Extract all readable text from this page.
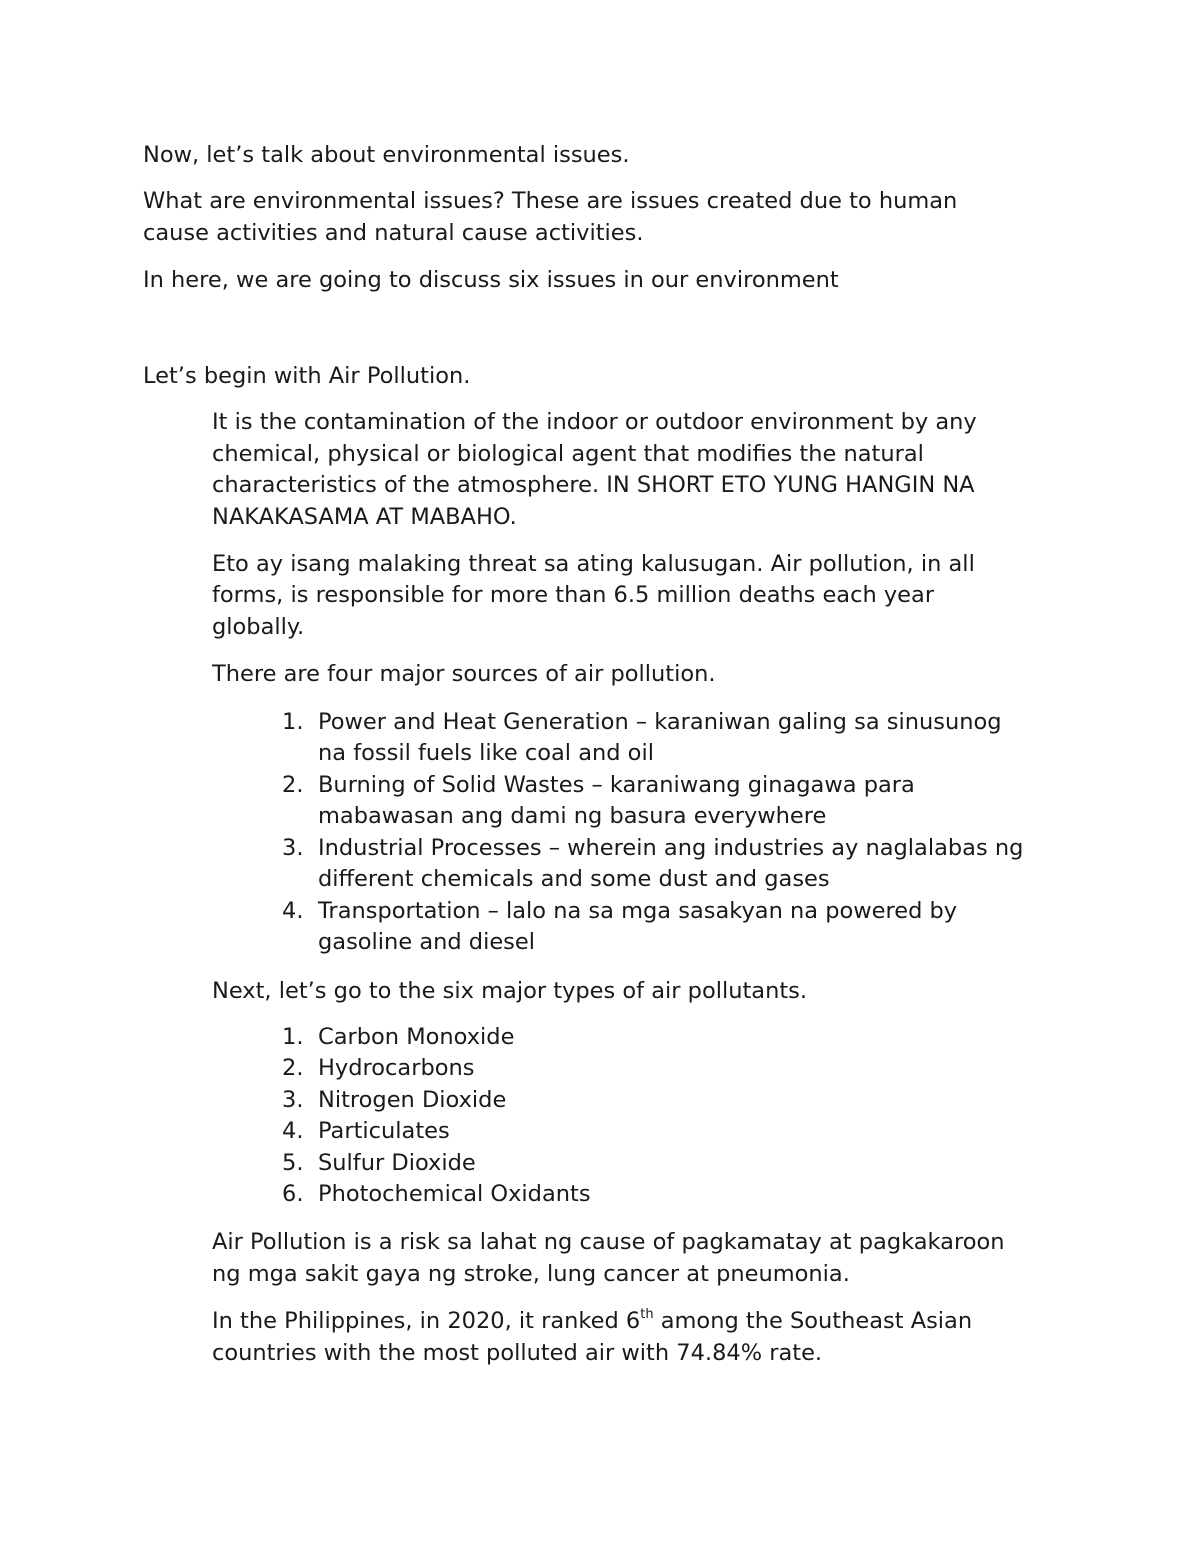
Now, let’s talk about environmental issues.

What are environmental issues? These are issues created due to human

cause activities and natural cause activities.

In here, we are going to discuss six issues in our environment

Let’s begin with Air Pollution.

It is the contamination of the indoor or outdoor environment by any

chemical, physical or biological agent that modifies the natural

characteristics of the atmosphere. IN SHORT ETO YUNG HANGIN NA

NAKAKASAMA AT MABAHO.

Eto ay isang malaking threat sa ating kalusugan. Air pollution, in all

forms, is responsible for more than 6.5 million deaths each year

globally.

There are four major sources of air pollution.

1. Power and Heat Generation – karaniwan galing sa sinusunog
na fossil fuels like coal and oil
2. Burning of Solid Wastes – karaniwang ginagawa para
mabawasan ang dami ng basura everywhere
3. Industrial Processes – wherein ang industries ay naglalabas ng
different chemicals and some dust and gases
4. Transportation – lalo na sa mga sasakyan na powered by
gasoline and diesel

Next, let’s go to the six major types of air pollutants.

1. Carbon Monoxide
2. Hydrocarbons
3. Nitrogen Dioxide
4. Particulates
5. Sulfur Dioxide
6. Photochemical Oxidants

Air Pollution is a risk sa lahat ng cause of pagkamatay at pagkakaroon

ng mga sakit gaya ng stroke, lung cancer at pneumonia.

In the Philippines, in 2020, it ranked 6th among the Southeast Asian

countries with the most polluted air with 74.84% rate.
